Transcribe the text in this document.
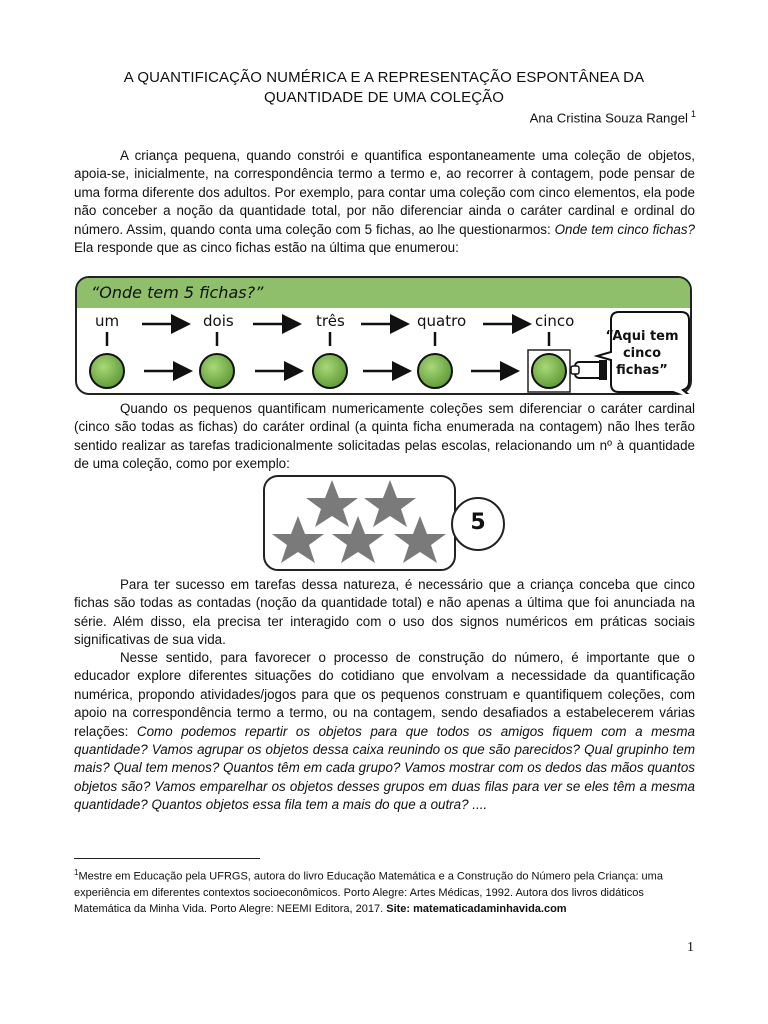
A QUANTIFICAÇÃO NUMÉRICA E A REPRESENTAÇÃO ESPONTÂNEA DA
QUANTIDADE DE UMA COLEÇÃO
Ana Cristina Souza Rangel $^1$

A criança pequena, quando constrói e quantifica espontaneamente uma coleção de objetos, apoia-se, inicialmente, na correspondência termo a termo e, ao recorrer à contagem, pode pensar de uma forma diferente dos adultos. Por exemplo, para contar uma coleção com cinco elementos, ela pode não conceber a noção da quantidade total, por não diferenciar ainda o caráter cardinal e ordinal do número. Assim, quando conta uma coleção com 5 fichas, ao lhe questionarmos: Onde tem cinco fichas? Ela responde que as cinco fichas estão na última que enumerou:

“Onde tem 5 fichas?”
um	dois	três	quatro	cinco
“Aqui tem
cinco
fichas”

Quando os pequenos quantificam numericamente coleções sem diferenciar o caráter cardinal (cinco são todas as fichas) do caráter ordinal (a quinta ficha enumerada na contagem) não lhes terão sentido realizar as tarefas tradicionalmente solicitadas pelas escolas, relacionando um nº à quantidade de uma coleção, como por exemplo:

5

Para ter sucesso em tarefas dessa natureza, é necessário que a criança conceba que cinco fichas são todas as contadas (noção da quantidade total) e não apenas a última que foi anunciada na série. Além disso, ela precisa ter interagido com o uso dos signos numéricos em práticas sociais significativas de sua vida.

Nesse sentido, para favorecer o processo de construção do número, é importante que o educador explore diferentes situações do cotidiano que envolvam a necessidade da quantificação numérica, propondo atividades/jogos para que os pequenos construam e quantifiquem coleções, com apoio na correspondência termo a termo, ou na contagem, sendo desafiados a estabelecerem várias relações: Como podemos repartir os objetos para que todos os amigos fiquem com a mesma quantidade? Vamos agrupar os objetos dessa caixa reunindo os que são parecidos? Qual grupinho tem mais? Qual tem menos? Quantos têm em cada grupo? Vamos mostrar com os dedos das mãos quantos objetos são? Vamos emparelhar os objetos desses grupos em duas filas para ver se eles têm a mesma quantidade? Quantos objetos essa fila tem a mais do que a outra? ....

$^1$Mestre em Educação pela UFRGS, autora do livro Educação Matemática e a Construção do Número pela Criança: uma experiência em diferentes contextos socioeconômicos. Porto Alegre: Artes Médicas, 1992. Autora dos livros didáticos Matemática da Minha Vida. Porto Alegre: NEEMI Editora, 2017. Site: matematicadaminhavida.com

1
